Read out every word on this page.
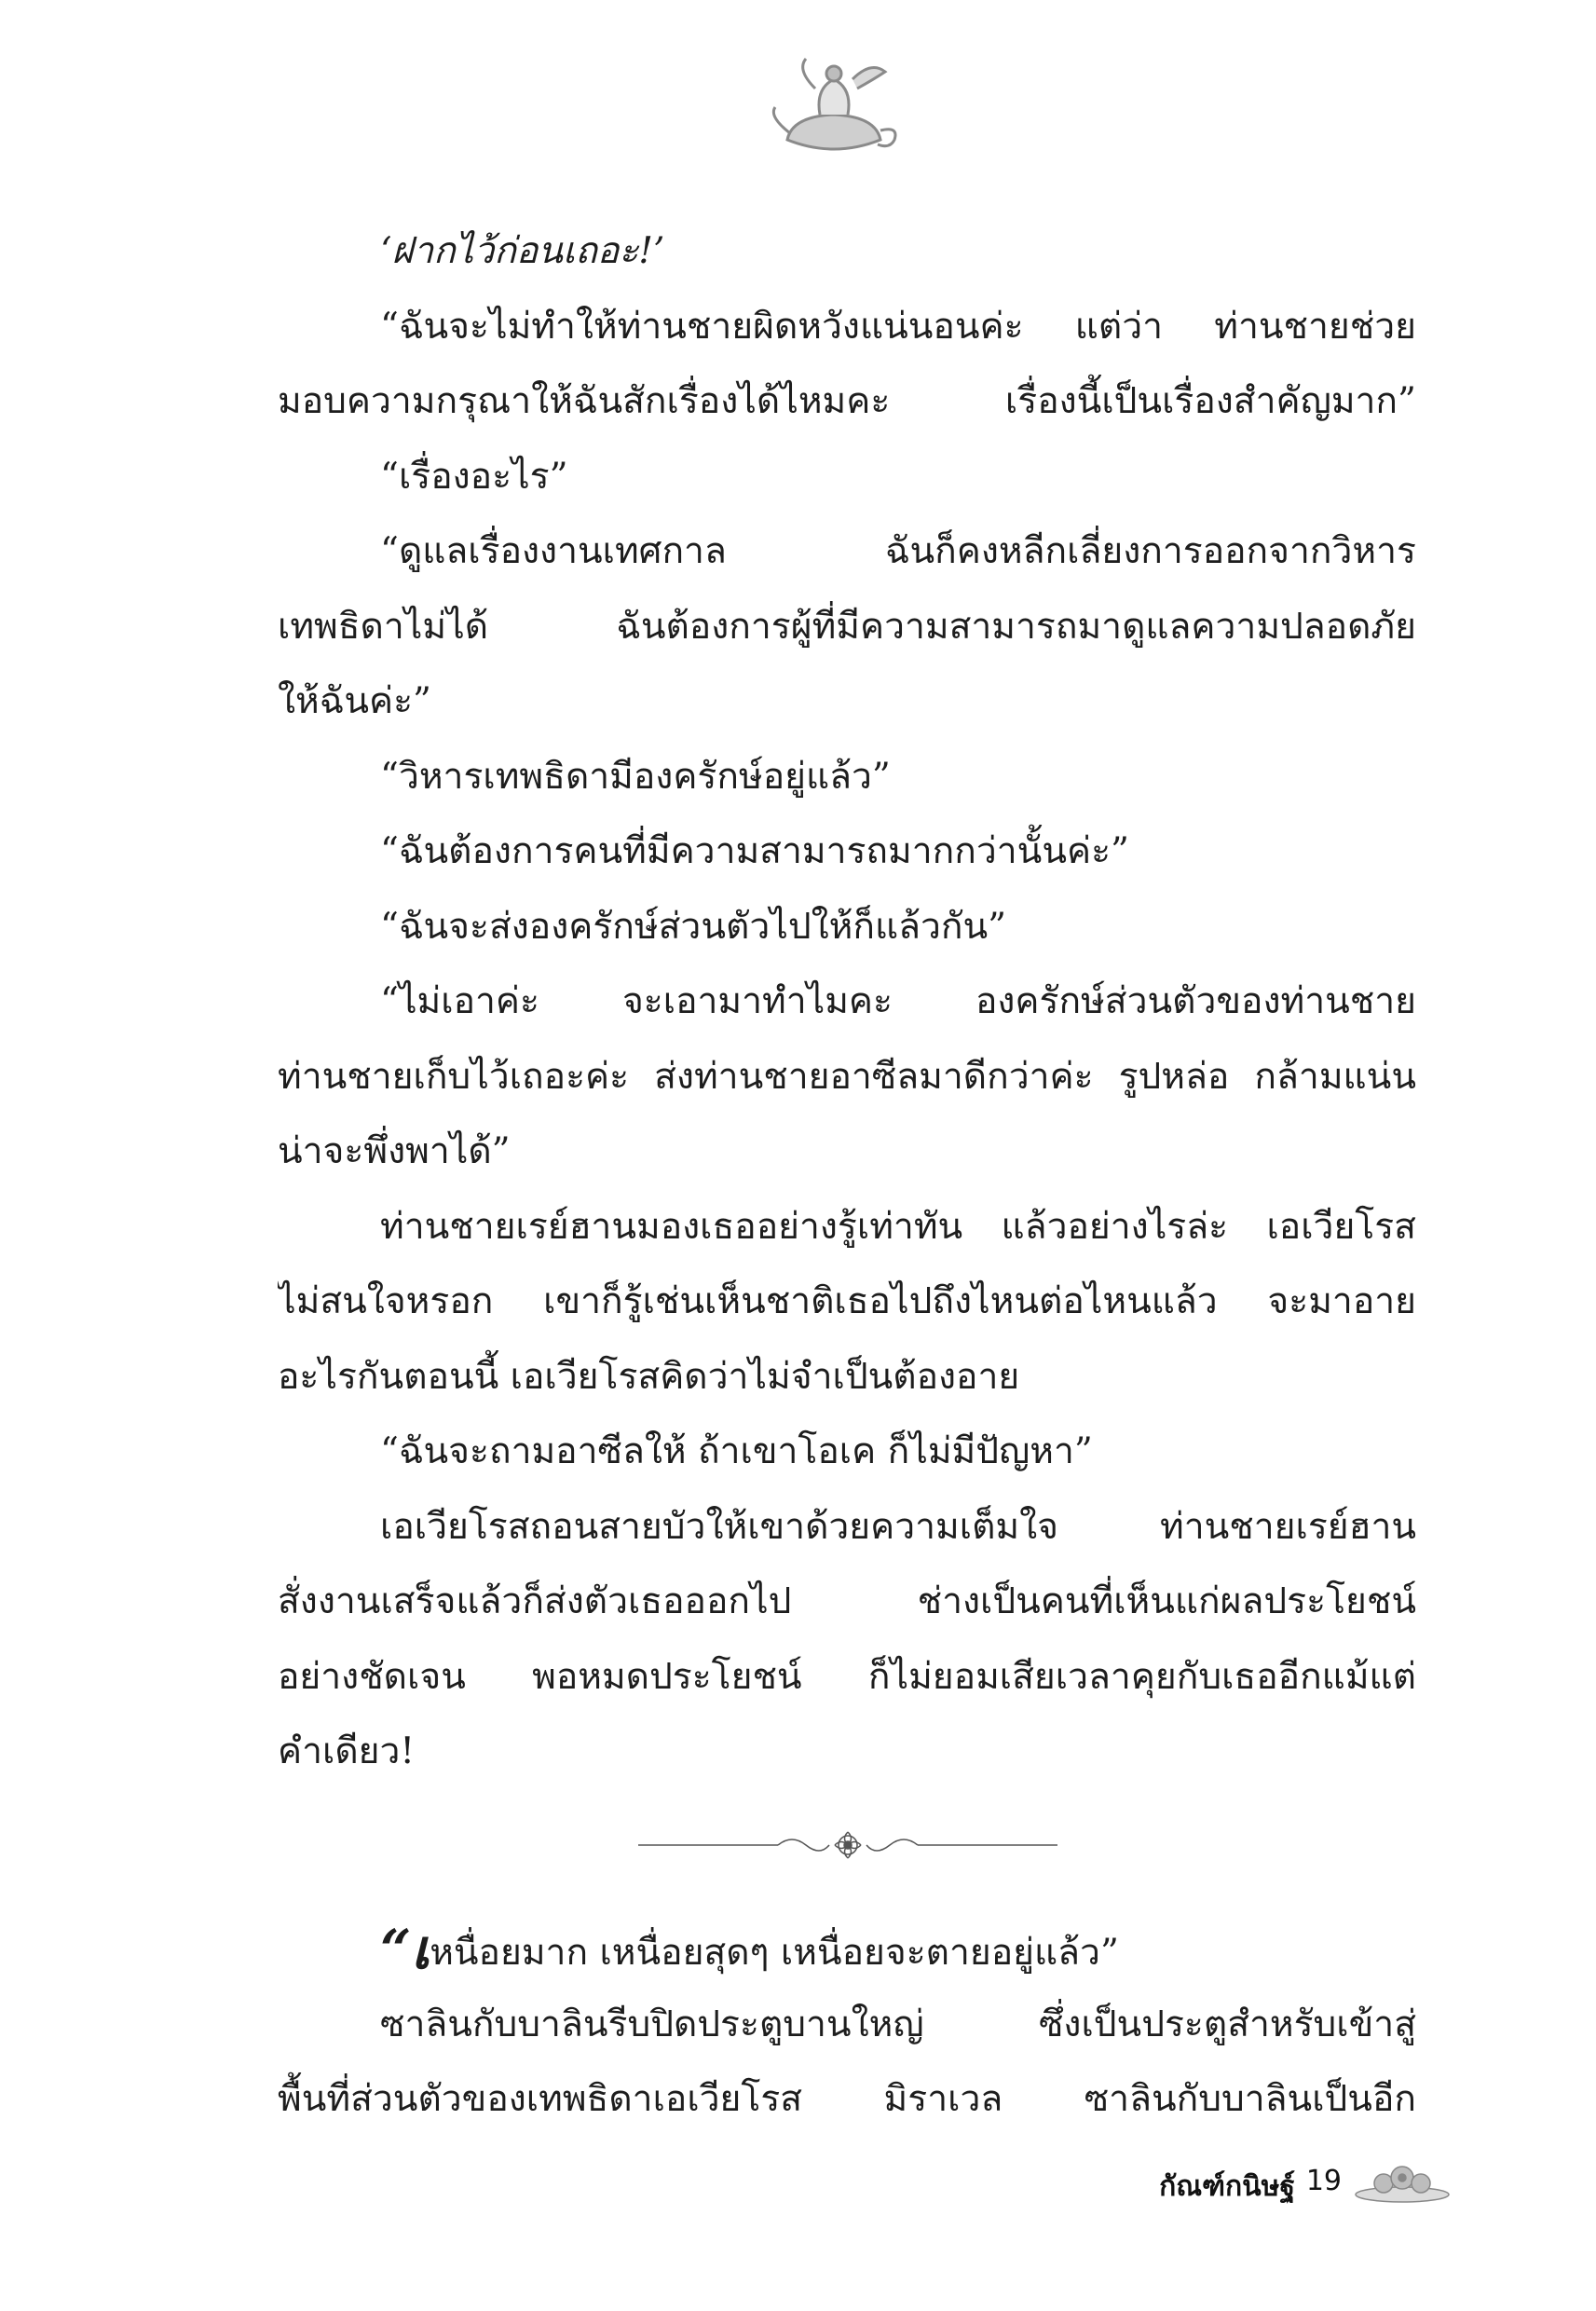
‘ฝากไว้ก่อนเถอะ!’
“ฉันจะไม่ทำให้ท่านชายผิดหวังแน่นอนค่ะ แต่ว่า ท่านชายช่วย
มอบความกรุณาให้ฉันสักเรื่องได้ไหมคะ เรื่องนี้เป็นเรื่องสำคัญมาก”
“เรื่องอะไร”
“ดูแลเรื่องงานเทศกาล ฉันก็คงหลีกเลี่ยงการออกจากวิหาร
เทพธิดาไม่ได้ ฉันต้องการผู้ที่มีความสามารถมาดูแลความปลอดภัย
ให้ฉันค่ะ”
“วิหารเทพธิดามีองครักษ์อยู่แล้ว”
“ฉันต้องการคนที่มีความสามารถมากกว่านั้นค่ะ”
“ฉันจะส่งองครักษ์ส่วนตัวไปให้ก็แล้วกัน”
“ไม่เอาค่ะ จะเอามาทำไมคะ องครักษ์ส่วนตัวของท่านชาย
ท่านชายเก็บไว้เถอะค่ะ ส่งท่านชายอาซีลมาดีกว่าค่ะ รูปหล่อ กล้ามแน่น
น่าจะพึ่งพาได้”
ท่านชายเรย์ฮานมองเธออย่างรู้เท่าทัน แล้วอย่างไรล่ะ เอเวียโรส
ไม่สนใจหรอก เขาก็รู้เช่นเห็นชาติเธอไปถึงไหนต่อไหนแล้ว จะมาอาย
อะไรกันตอนนี้ เอเวียโรสคิดว่าไม่จำเป็นต้องอาย
“ฉันจะถามอาซีลให้ ถ้าเขาโอเค ก็ไม่มีปัญหา”
เอเวียโรสถอนสายบัวให้เขาด้วยความเต็มใจ ท่านชายเรย์ฮาน
สั่งงานเสร็จแล้วก็ส่งตัวเธอออกไป ช่างเป็นคนที่เห็นแก่ผลประโยชน์
อย่างชัดเจน พอหมดประโยชน์ ก็ไม่ยอมเสียเวลาคุยกับเธออีกแม้แต่
คำเดียว!
“เหนื่อยมาก เหนื่อยสุดๆ เหนื่อยจะตายอยู่แล้ว”
ซาลินกับบาลินรีบปิดประตูบานใหญ่ ซึ่งเป็นประตูสำหรับเข้าสู่
พื้นที่ส่วนตัวของเทพธิดาเอเวียโรส มิราเวล ซาลินกับบาลินเป็นอีก
กัณฑ์กนิษฐ์ 19
